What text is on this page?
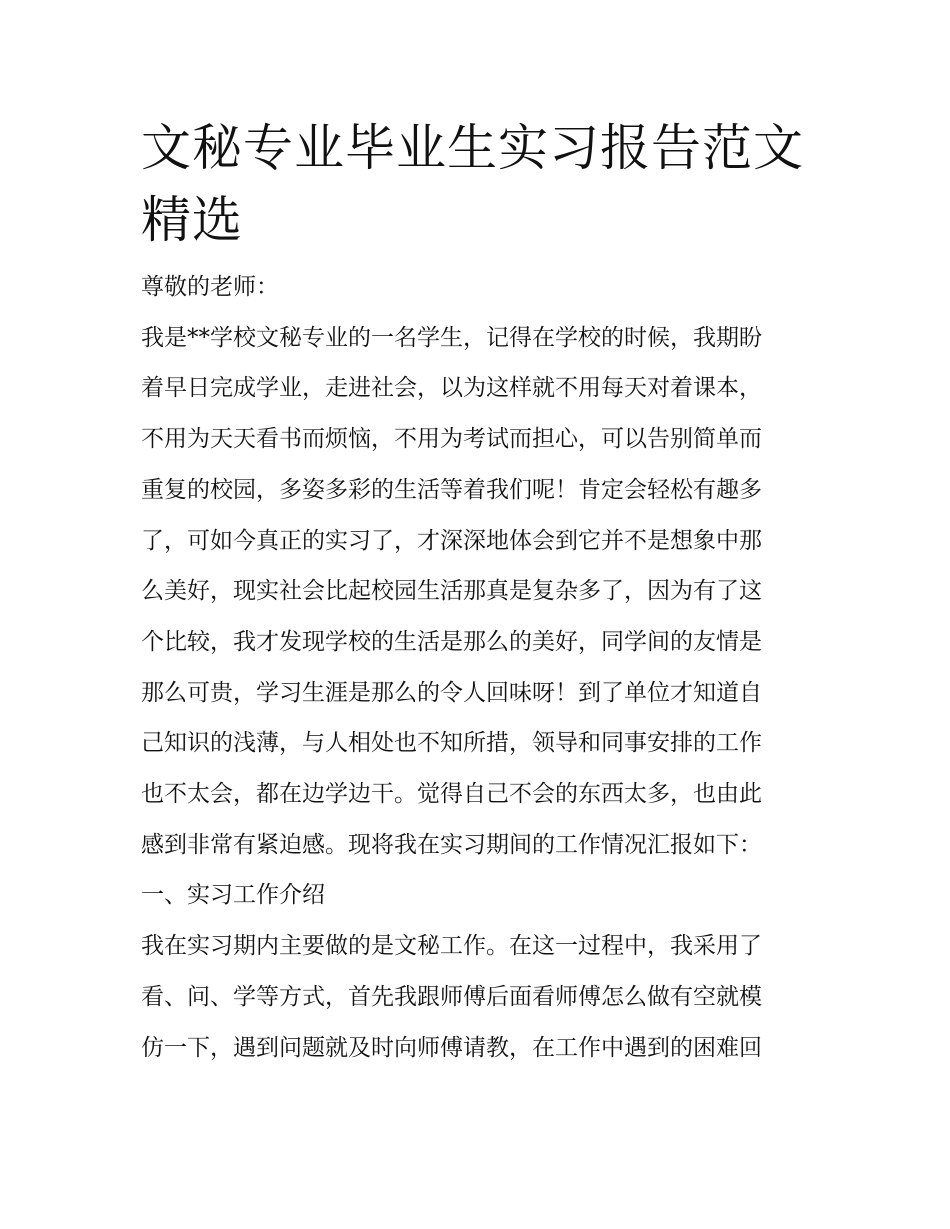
文秘专业毕业生实习报告范文
精选

尊敬的老师：

我是**学校文秘专业的一名学生，记得在学校的时候，我期盼

着早日完成学业，走进社会，以为这样就不用每天对着课本，

不用为天天看书而烦恼，不用为考试而担心，可以告别简单而

重复的校园，多姿多彩的生活等着我们呢！肯定会轻松有趣多

了，可如今真正的实习了，才深深地体会到它并不是想象中那

么美好，现实社会比起校园生活那真是复杂多了，因为有了这

个比较，我才发现学校的生活是那么的美好，同学间的友情是

那么可贵，学习生涯是那么的令人回味呀！到了单位才知道自

己知识的浅薄，与人相处也不知所措，领导和同事安排的工作

也不太会，都在边学边干。觉得自己不会的东西太多，也由此

感到非常有紧迫感。现将我在实习期间的工作情况汇报如下：

一、实习工作介绍

我在实习期内主要做的是文秘工作。在这一过程中，我采用了

看、问、学等方式，首先我跟师傅后面看师傅怎么做有空就模

仿一下，遇到问题就及时向师傅请教，在工作中遇到的困难回
